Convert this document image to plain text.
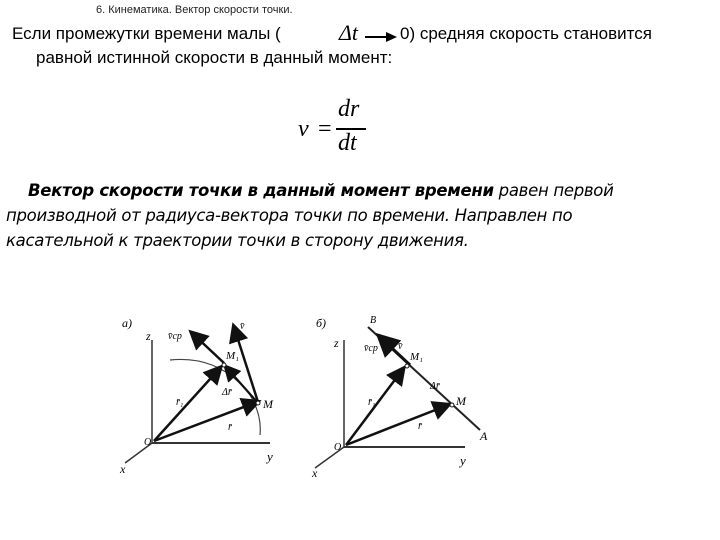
6. Кинематика. Вектор скорости точки.
Если промежутки времени малы (	Δt 0) средняя скорость становится
равной истинной скорости в данный момент:
v =
dr
dt
Вектор скорости точки в данный момент времени равен первой
производной от радиуса-вектора точки по времени. Направлен по
касательной к траектории точки в сторону движения.
а)
z
y
x
O
M₁
M
v̄ср
v̄
r̄₁
r̄
Δr̄
б)
z
y
x
O
B
A
M₁
M
v̄ср v̄
r̄₁
r̄
Δr̄
